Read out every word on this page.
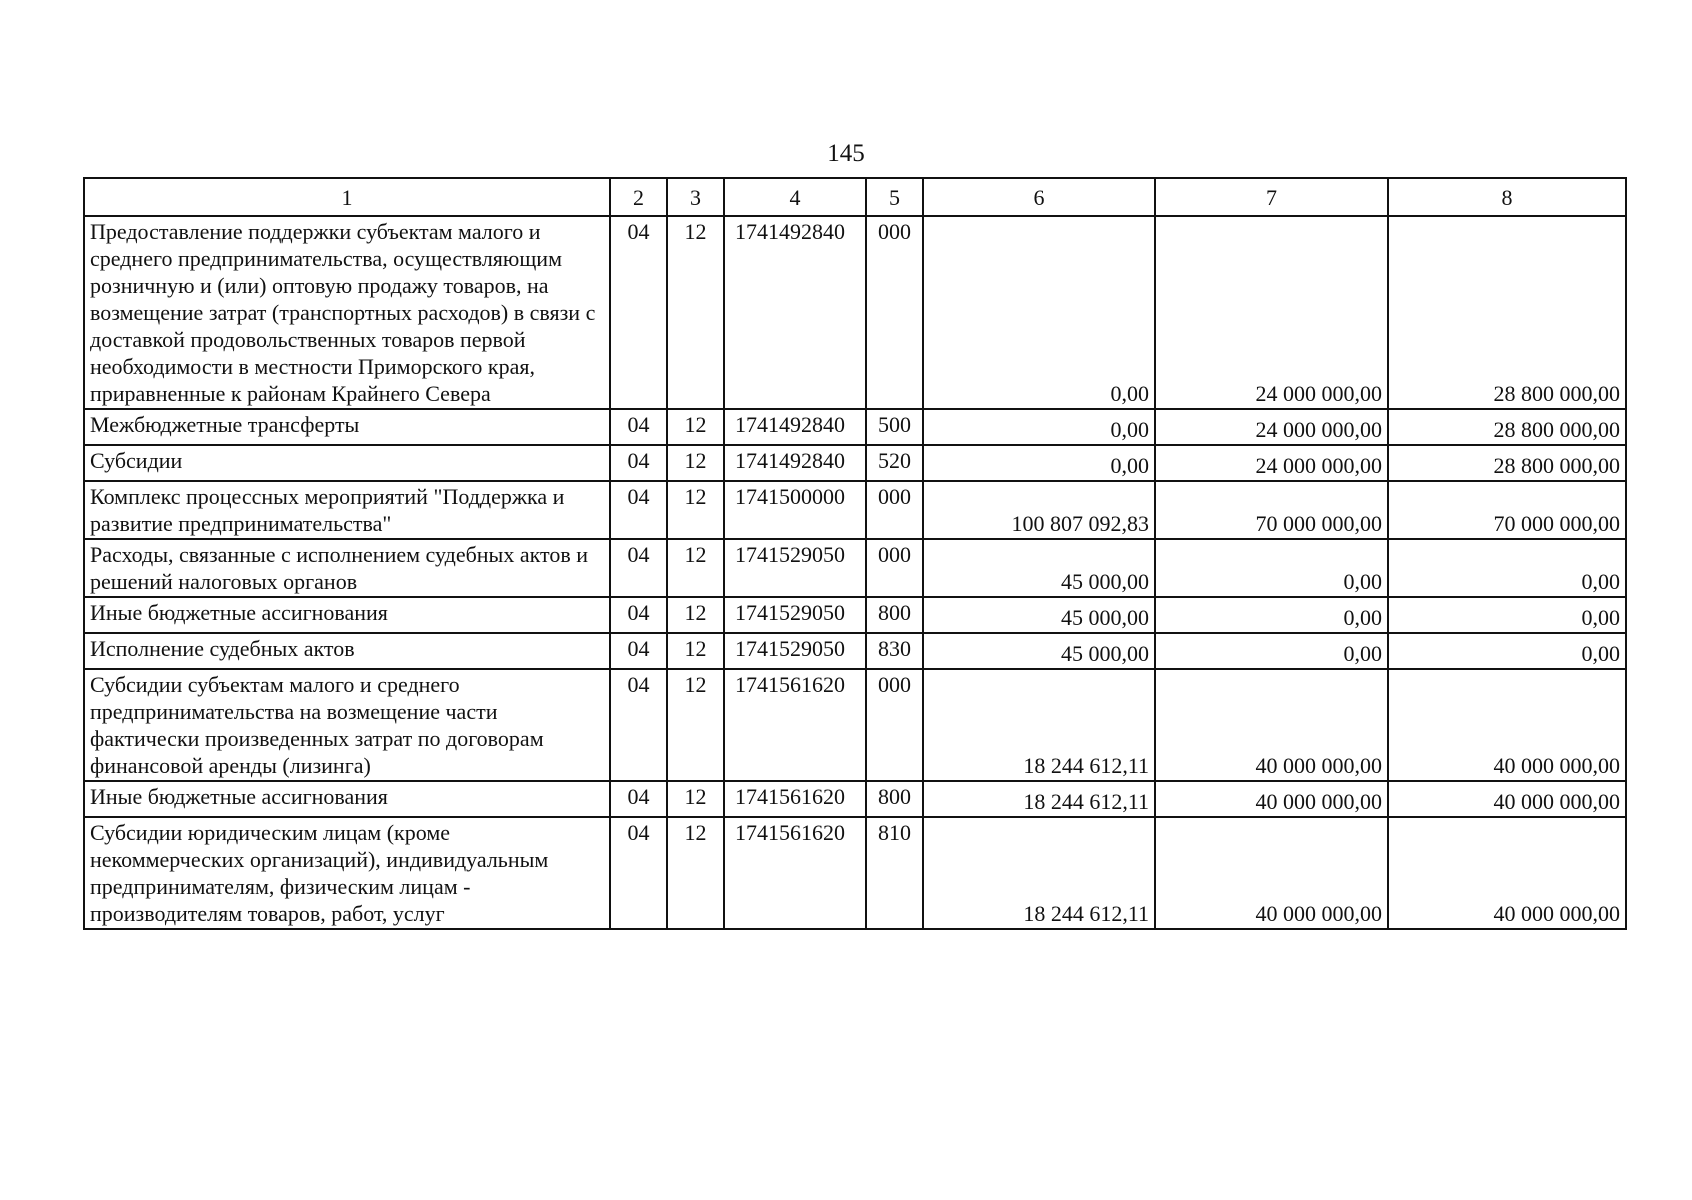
145
1	2	3	4	5	6	7	8
Предоставление поддержки субъектам малого и среднего предпринимательства, осуществляющим розничную и (или) оптовую продажу товаров, на возмещение затрат (транспортных расходов) в связи с доставкой продовольственных товаров первой необходимости в местности Приморского края, приравненные к районам Крайнего Севера	04	12	1741492840	000	0,00	24 000 000,00	28 800 000,00
Межбюджетные трансферты	04	12	1741492840	500	0,00	24 000 000,00	28 800 000,00
Субсидии	04	12	1741492840	520	0,00	24 000 000,00	28 800 000,00
Комплекс процессных мероприятий "Поддержка и развитие предпринимательства"	04	12	1741500000	000	100 807 092,83	70 000 000,00	70 000 000,00
Расходы, связанные с исполнением судебных актов и решений налоговых органов	04	12	1741529050	000	45 000,00	0,00	0,00
Иные бюджетные ассигнования	04	12	1741529050	800	45 000,00	0,00	0,00
Исполнение судебных актов	04	12	1741529050	830	45 000,00	0,00	0,00
Субсидии субъектам малого и среднего предпринимательства на возмещение части фактически произведенных затрат по договорам финансовой аренды (лизинга)	04	12	1741561620	000	18 244 612,11	40 000 000,00	40 000 000,00
Иные бюджетные ассигнования	04	12	1741561620	800	18 244 612,11	40 000 000,00	40 000 000,00
Субсидии юридическим лицам (кроме некоммерческих организаций), индивидуальным предпринимателям, физическим лицам - производителям товаров, работ, услуг	04	12	1741561620	810	18 244 612,11	40 000 000,00	40 000 000,00
